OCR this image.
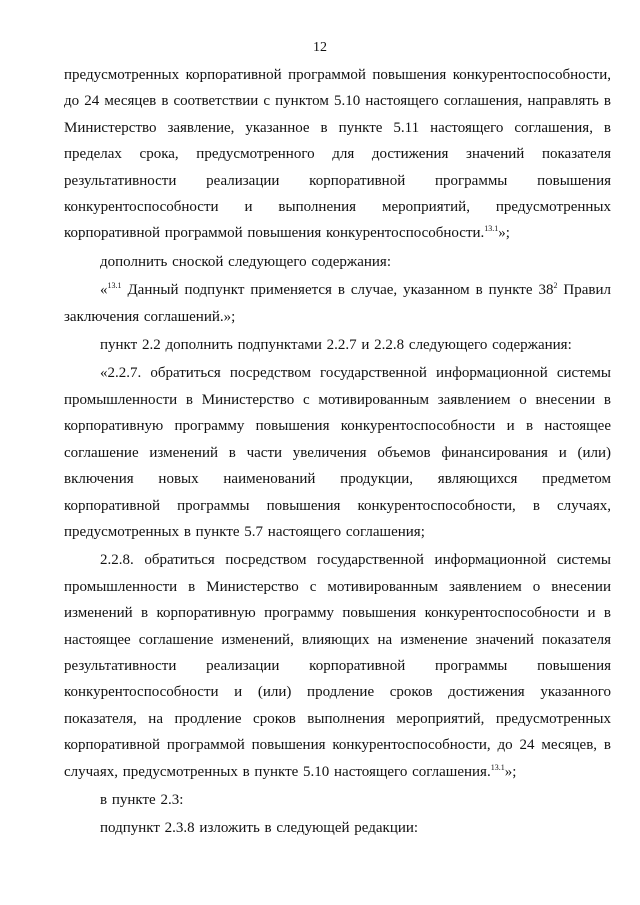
12

предусмотренных корпоративной программой повышения конкурентоспособности, до 24 месяцев в соответствии с пунктом 5.10 настоящего соглашения, направлять в Министерство заявление, указанное в пункте 5.11 настоящего соглашения, в пределах срока, предусмотренного для достижения значений показателя результативности реализации корпоративной программы повышения конкурентоспособности и выполнения мероприятий, предусмотренных корпоративной программой повышения конкурентоспособности.$^{13.1}$»;

дополнить сноской следующего содержания:

«$^{13.1}$ Данный подпункт применяется в случае, указанном в пункте $38^2$ Правил заключения соглашений.»;

пункт 2.2 дополнить подпунктами 2.2.7 и 2.2.8 следующего содержания:

«2.2.7. обратиться посредством государственной информационной системы промышленности в Министерство с мотивированным заявлением о внесении в корпоративную программу повышения конкурентоспособности и в настоящее соглашение изменений в части увеличения объемов финансирования и (или) включения новых наименований продукции, являющихся предметом корпоративной программы повышения конкурентоспособности, в случаях, предусмотренных в пункте 5.7 настоящего соглашения;

2.2.8. обратиться посредством государственной информационной системы промышленности в Министерство с мотивированным заявлением о внесении изменений в корпоративную программу повышения конкурентоспособности и в настоящее соглашение изменений, влияющих на изменение значений показателя результативности реализации корпоративной программы повышения конкурентоспособности и (или) продление сроков достижения указанного показателя, на продление сроков выполнения мероприятий, предусмотренных корпоративной программой повышения конкурентоспособности, до 24 месяцев, в случаях, предусмотренных в пункте 5.10 настоящего соглашения.$^{13.1}$»;

в пункте 2.3:

подпункт 2.3.8 изложить в следующей редакции:
